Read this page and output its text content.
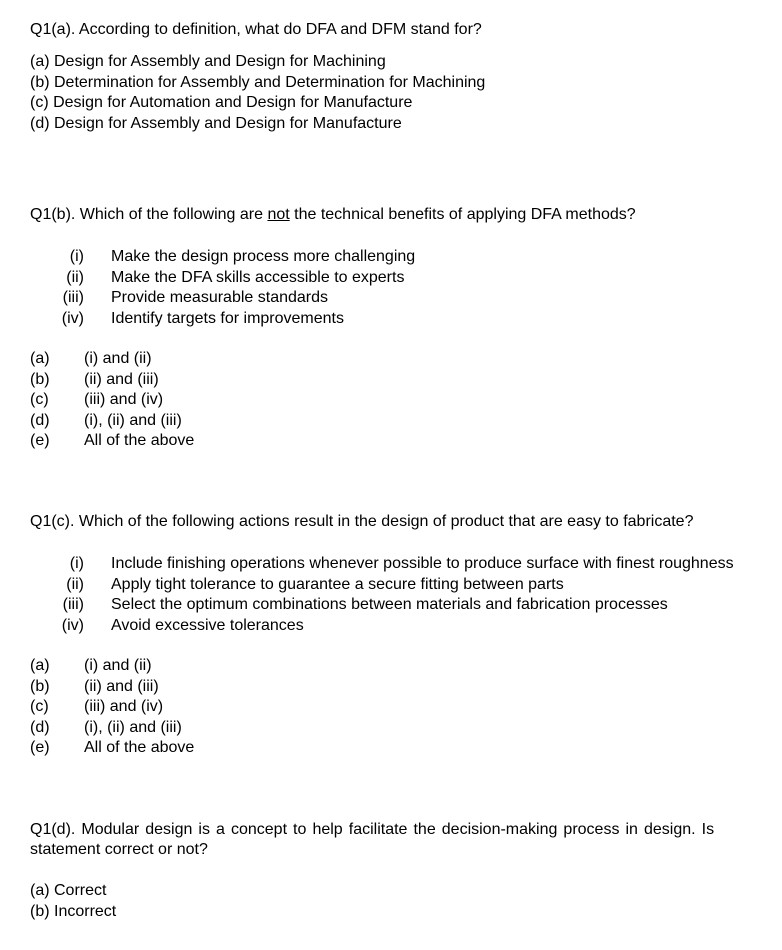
Q1(a). According to definition, what do DFA and DFM stand for?

(a) Design for Assembly and Design for Machining
(b) Determination for Assembly and Determination for Machining
(c) Design for Automation and Design for Manufacture
(d) Design for Assembly and Design for Manufacture

Q1(b). Which of the following are not the technical benefits of applying DFA methods?

(i) Make the design process more challenging
(ii) Make the DFA skills accessible to experts
(iii) Provide measurable standards
(iv) Identify targets for improvements
(a) (i) and (ii)
(b) (ii) and (iii)
(c) (iii) and (iv)
(d) (i), (ii) and (iii)
(e) All of the above

Q1(c). Which of the following actions result in the design of product that are easy to fabricate?

(i) Include finishing operations whenever possible to produce surface with finest roughness
(ii) Apply tight tolerance to guarantee a secure fitting between parts
(iii) Select the optimum combinations between materials and fabrication processes
(iv) Avoid excessive tolerances
(a) (i) and (ii)
(b) (ii) and (iii)
(c) (iii) and (iv)
(d) (i), (ii) and (iii)
(e) All of the above

Q1(d). Modular design is a concept to help facilitate the decision-making process in design. Is

statement correct or not?

(a) Correct
(b) Incorrect
